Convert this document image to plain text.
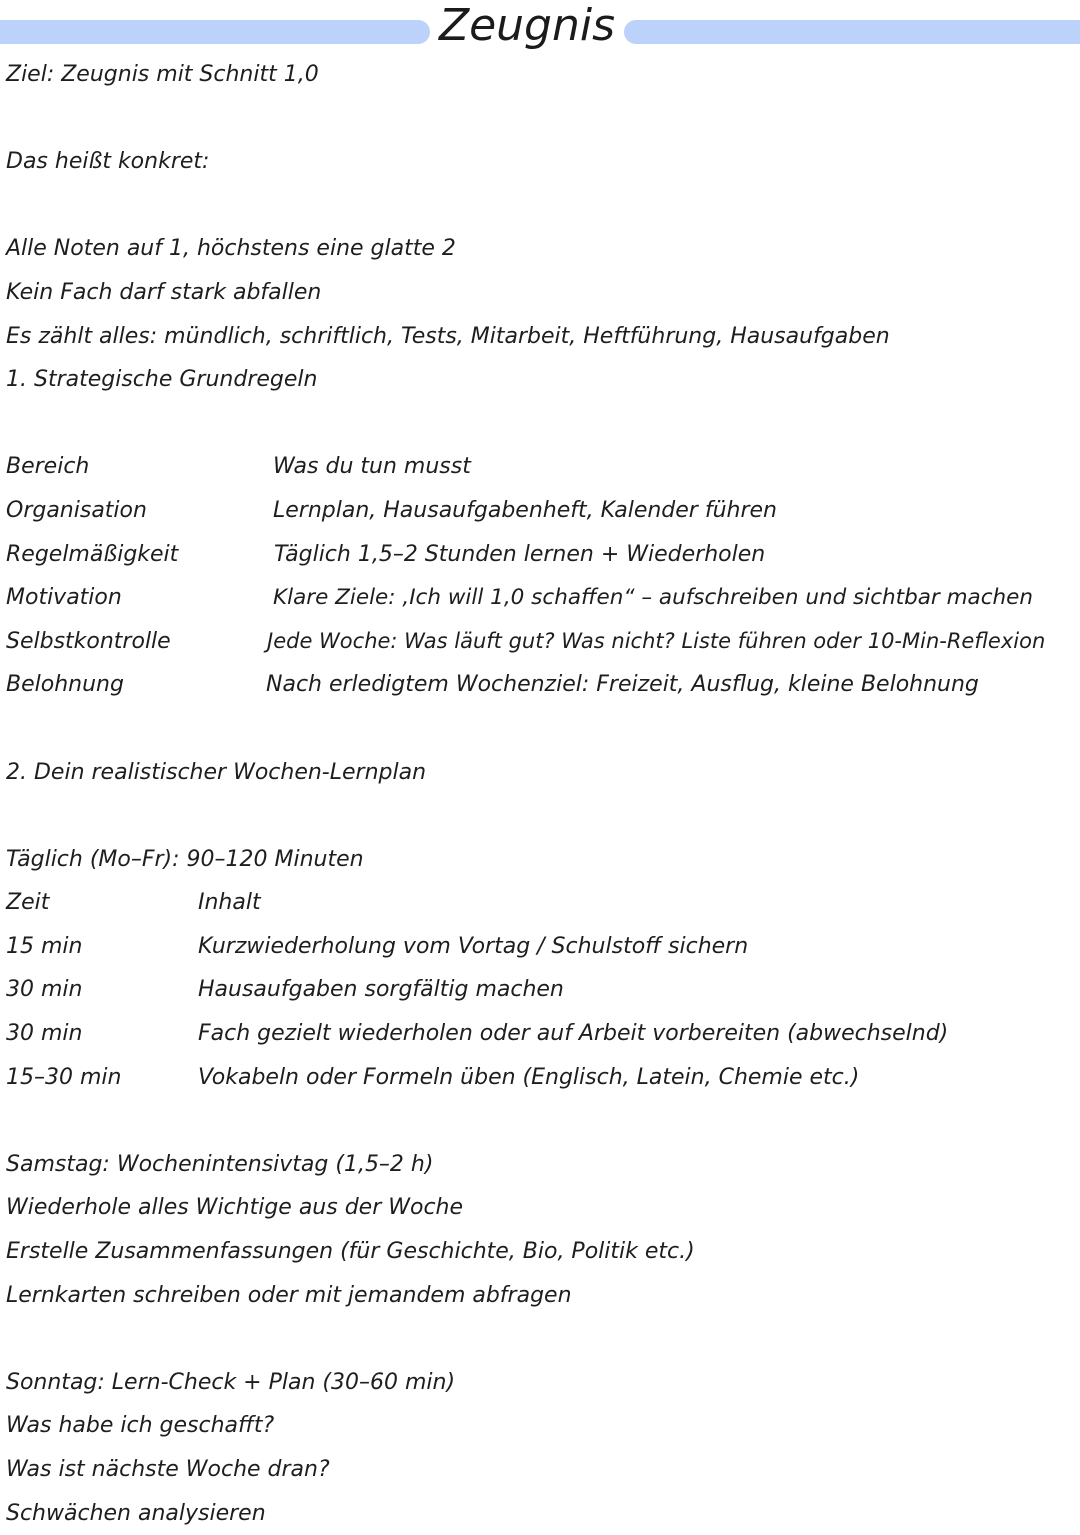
Zeugnis
Ziel: Zeugnis mit Schnitt 1,0
Das heißt konkret:
Alle Noten auf 1, höchstens eine glatte 2
Kein Fach darf stark abfallen
Es zählt alles: mündlich, schriftlich, Tests, Mitarbeit, Heftführung, Hausaufgaben
1. Strategische Grundregeln
Bereich	Was du tun musst
Organisation	Lernplan, Hausaufgabenheft, Kalender führen
Regelmäßigkeit	Täglich 1,5–2 Stunden lernen + Wiederholen
Motivation	Klare Ziele: ‚Ich will 1,0 schaffen“ – aufschreiben und sichtbar machen
Selbstkontrolle	Jede Woche: Was läuft gut? Was nicht? Liste führen oder 10-Min-Reflexion
Belohnung	Nach erledigtem Wochenziel: Freizeit, Ausflug, kleine Belohnung
2. Dein realistischer Wochen-Lernplan
Täglich (Mo–Fr): 90–120 Minuten
Zeit	Inhalt
15 min	Kurzwiederholung vom Vortag / Schulstoff sichern
30 min	Hausaufgaben sorgfältig machen
30 min	Fach gezielt wiederholen oder auf Arbeit vorbereiten (abwechselnd)
15–30 min	Vokabeln oder Formeln üben (Englisch, Latein, Chemie etc.)
Samstag: Wochenintensivtag (1,5–2 h)
Wiederhole alles Wichtige aus der Woche
Erstelle Zusammenfassungen (für Geschichte, Bio, Politik etc.)
Lernkarten schreiben oder mit jemandem abfragen
Sonntag: Lern-Check + Plan (30–60 min)
Was habe ich geschafft?
Was ist nächste Woche dran?
Schwächen analysieren
